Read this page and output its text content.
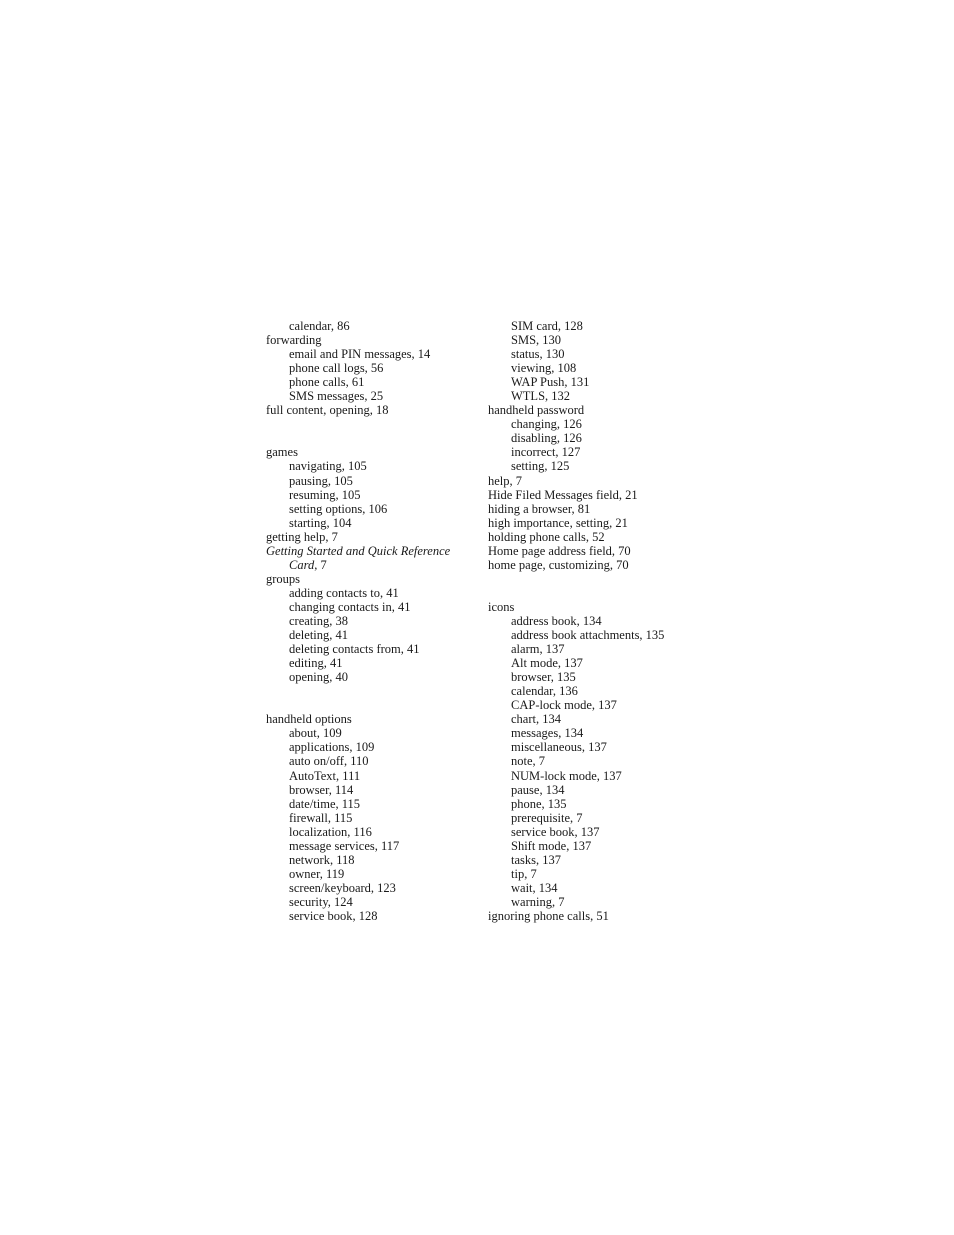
calendar, 86
forwarding
email and PIN messages, 14
phone call logs, 56
phone calls, 61
SMS messages, 25
full content, opening, 18
games
navigating, 105
pausing, 105
resuming, 105
setting options, 106
starting, 104
getting help, 7
Getting Started and Quick Reference
Card, 7
groups
adding contacts to, 41
changing contacts in, 41
creating, 38
deleting, 41
deleting contacts from, 41
editing, 41
opening, 40
handheld options
about, 109
applications, 109
auto on/off, 110
AutoText, 111
browser, 114
date/time, 115
firewall, 115
localization, 116
message services, 117
network, 118
owner, 119
screen/keyboard, 123
security, 124
service book, 128
SIM card, 128
SMS, 130
status, 130
viewing, 108
WAP Push, 131
WTLS, 132
handheld password
changing, 126
disabling, 126
incorrect, 127
setting, 125
help, 7
Hide Filed Messages field, 21
hiding a browser, 81
high importance, setting, 21
holding phone calls, 52
Home page address field, 70
home page, customizing, 70
icons
address book, 134
address book attachments, 135
alarm, 137
Alt mode, 137
browser, 135
calendar, 136
CAP-lock mode, 137
chart, 134
messages, 134
miscellaneous, 137
note, 7
NUM-lock mode, 137
pause, 134
phone, 135
prerequisite, 7
service book, 137
Shift mode, 137
tasks, 137
tip, 7
wait, 134
warning, 7
ignoring phone calls, 51
